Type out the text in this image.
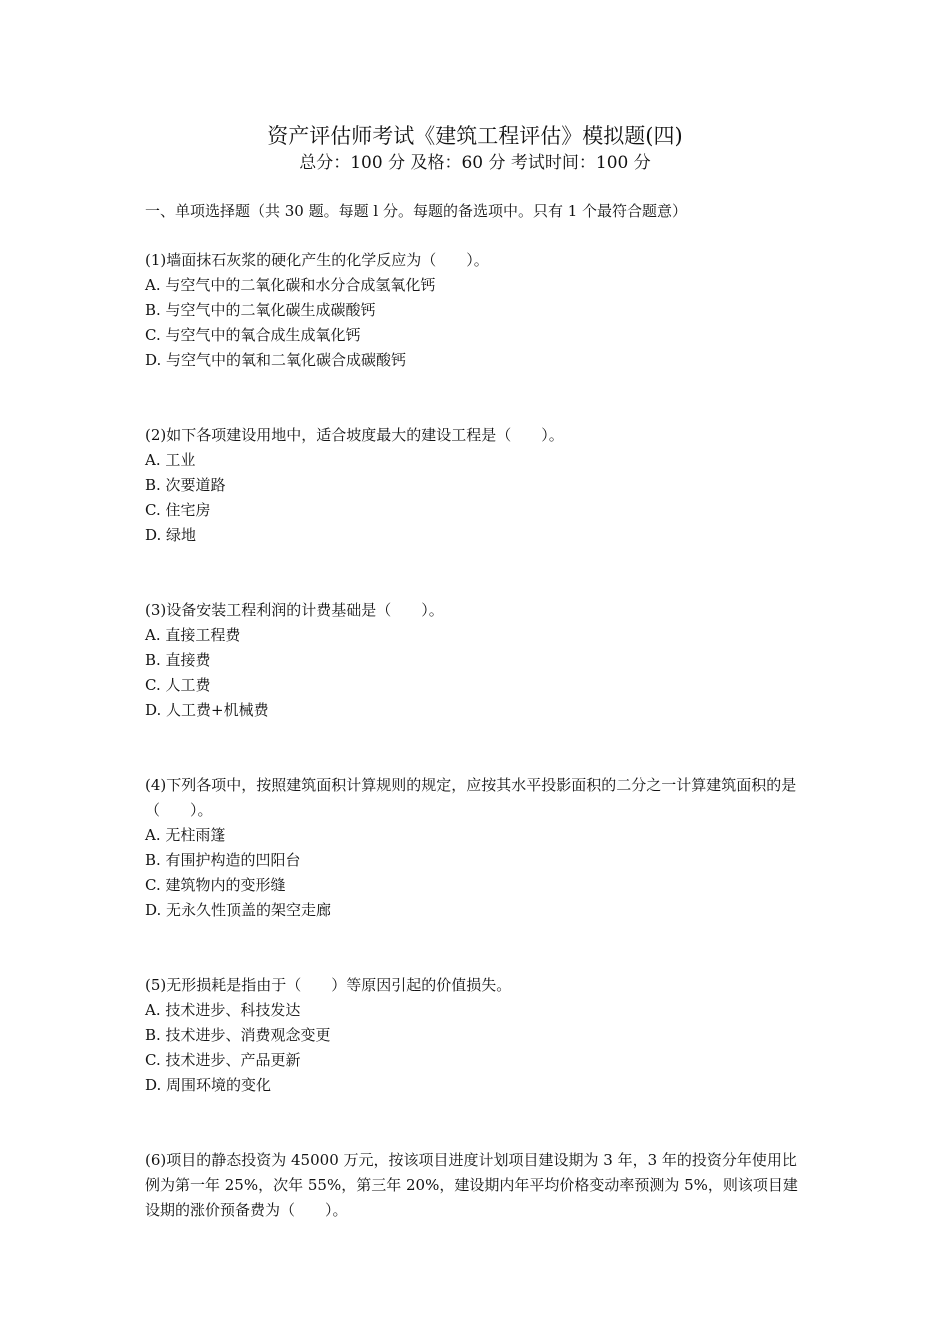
资产评估师考试《建筑工程评估》模拟题(四)
总分：100 分 及格：60 分 考试时间：100 分
一、单项选择题（共 30 题。每题 l 分。每题的备选项中。只有 1 个最符合题意）

(1)墙面抹石灰浆的硬化产生的化学反应为（　　）。

A. 与空气中的二氧化碳和水分合成氢氧化钙

B. 与空气中的二氧化碳生成碳酸钙

C. 与空气中的氧合成生成氧化钙

D. 与空气中的氧和二氧化碳合成碳酸钙

(2)如下各项建设用地中，适合坡度最大的建设工程是（　　）。

A. 工业

B. 次要道路

C. 住宅房

D. 绿地

(3)设备安装工程利润的计费基础是（　　）。

A. 直接工程费

B. 直接费

C. 人工费

D. 人工费+机械费

(4)下列各项中，按照建筑面积计算规则的规定，应按其水平投影面积的二分之一计算建筑面积的是（　　）。

A. 无柱雨篷

B. 有围护构造的凹阳台

C. 建筑物内的变形缝

D. 无永久性顶盖的架空走廊

(5)无形损耗是指由于（　　）等原因引起的价值损失。

A. 技术进步、科技发达

B. 技术进步、消费观念变更

C. 技术进步、产品更新

D. 周围环境的变化

(6)项目的静态投资为 45000 万元，按该项目进度计划项目建设期为 3 年，3 年的投资分年使用比例为第一年 25%，次年 55%，第三年 20%，建设期内年平均价格变动率预测为 5%，则该项目建设期的涨价预备费为（　　）。
